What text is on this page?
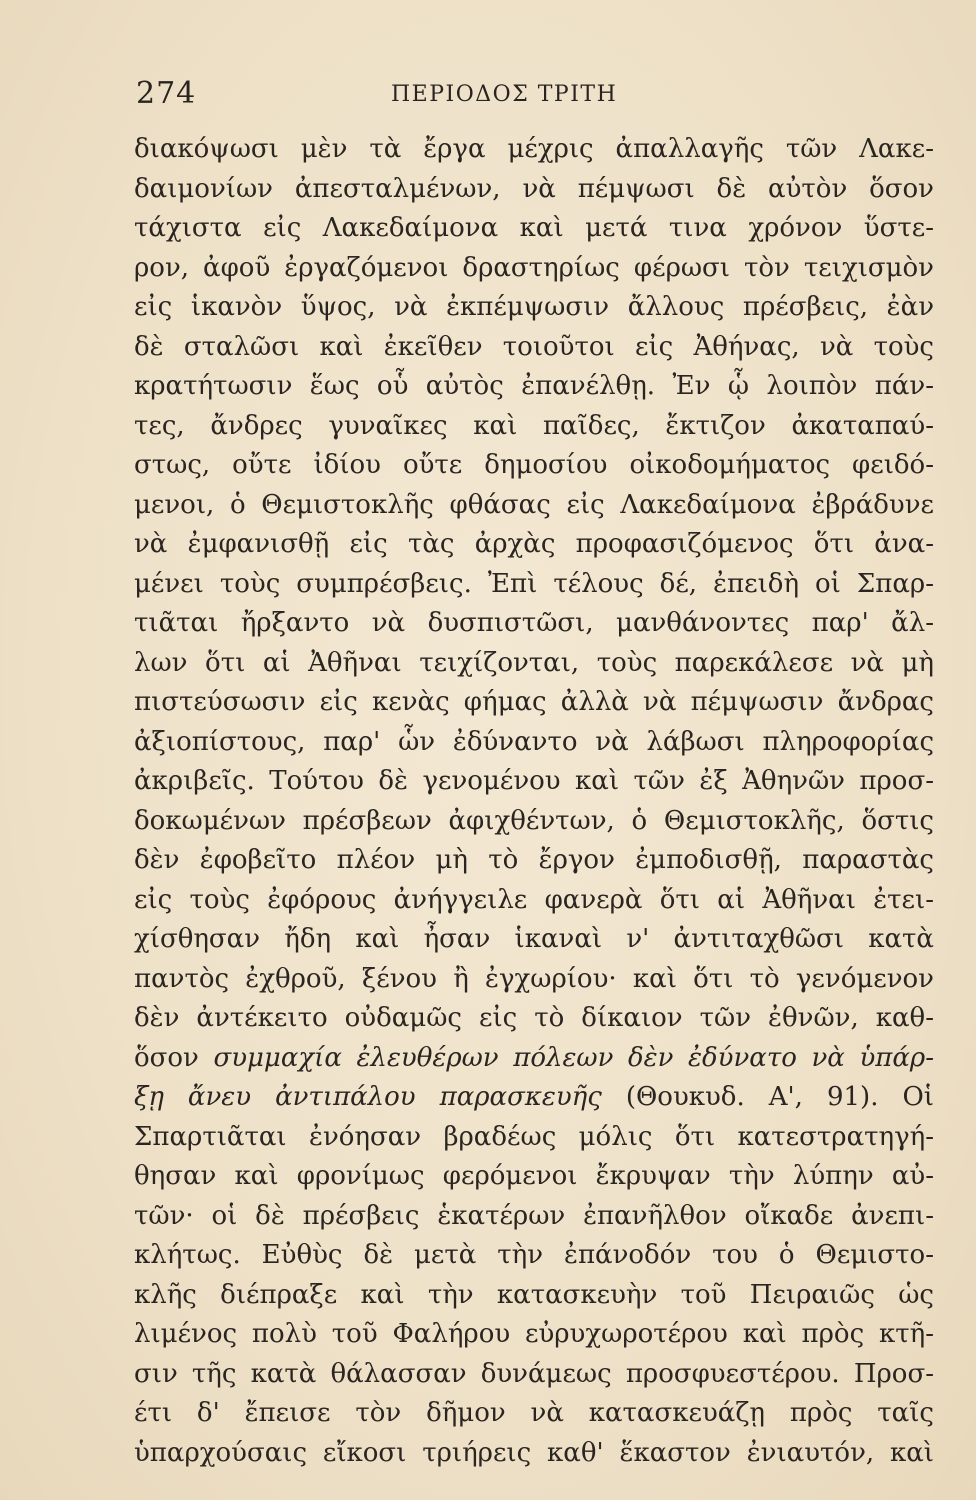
274	ΠΕΡΙΟΔΟΣ ΤΡΙΤΗ
διακόψωσι μὲν τὰ ἔργα μέχρις ἀπαλλαγῆς τῶν Λακε-
δαιμονίων ἀπεσταλμένων, νὰ πέμψωσι δὲ αὐτὸν ὅσον
τάχιστα εἰς Λακεδαίμονα καὶ μετά τινα χρόνον ὕστε-
ρον, ἀφοῦ ἐργαζόμενοι δραστηρίως φέρωσι τὸν τειχισμὸν
εἰς ἱκανὸν ὕψος, νὰ ἐκπέμψωσιν ἄλλους πρέσβεις, ἐὰν
δὲ σταλῶσι καὶ ἐκεῖθεν τοιοῦτοι εἰς Ἀθήνας, νὰ τοὺς
κρατήτωσιν ἕως οὗ αὐτὸς ἐπανέλθῃ. Ἐν ᾧ λοιπὸν πάν-
τες, ἄνδρες γυναῖκες καὶ παῖδες, ἔκτιζον ἀκαταπαύ-
στως, οὔτε ἰδίου οὔτε δημοσίου οἰκοδομήματος φειδό-
μενοι, ὁ Θεμιστοκλῆς φθάσας εἰς Λακεδαίμονα ἐβράδυνε
νὰ ἐμφανισθῇ εἰς τὰς ἀρχὰς προφασιζόμενος ὅτι ἀνα-
μένει τοὺς συμπρέσβεις. Ἐπὶ τέλους δέ, ἐπειδὴ οἱ Σπαρ-
τιᾶται ἤρξαντο νὰ δυσπιστῶσι, μανθάνοντες παρ' ἄλ-
λων ὅτι αἱ Ἀθῆναι τειχίζονται, τοὺς παρεκάλεσε νὰ μὴ
πιστεύσωσιν εἰς κενὰς φήμας ἀλλὰ νὰ πέμψωσιν ἄνδρας
ἀξιοπίστους, παρ' ὧν ἐδύναντο νὰ λάβωσι πληροφορίας
ἀκριβεῖς. Τούτου δὲ γενομένου καὶ τῶν ἐξ Ἀθηνῶν προσ-
δοκωμένων πρέσβεων ἀφιχθέντων, ὁ Θεμιστοκλῆς, ὅστις
δὲν ἐφοβεῖτο πλέον μὴ τὸ ἔργον ἐμποδισθῇ, παραστὰς
εἰς τοὺς ἐφόρους ἀνήγγειλε φανερὰ ὅτι αἱ Ἀθῆναι ἐτει-
χίσθησαν ἤδη καὶ ἦσαν ἱκαναὶ ν' ἀντιταχθῶσι κατὰ
παντὸς ἐχθροῦ, ξένου ἢ ἐγχωρίου· καὶ ὅτι τὸ γενόμενον
δὲν ἀντέκειτο οὐδαμῶς εἰς τὸ δίκαιον τῶν ἐθνῶν, καθ-
ὅσον συμμαχία ἐλευθέρων πόλεων δὲν ἐδύνατο νὰ ὑπάρ-
ξῃ ἄνευ ἀντιπάλου παρασκευῆς (Θουκυδ. Α', 91). Οἱ
Σπαρτιᾶται ἐνόησαν βραδέως μόλις ὅτι κατεστρατηγή-
θησαν καὶ φρονίμως φερόμενοι ἔκρυψαν τὴν λύπην αὐ-
τῶν· οἱ δὲ πρέσβεις ἑκατέρων ἐπανῆλθον οἴκαδε ἀνεπι-
κλήτως. Εὐθὺς δὲ μετὰ τὴν ἐπάνοδόν του ὁ Θεμιστο-
κλῆς διέπραξε καὶ τὴν κατασκευὴν τοῦ Πειραιῶς ὡς
λιμένος πολὺ τοῦ Φαλήρου εὐρυχωροτέρου καὶ πρὸς κτῆ-
σιν τῆς κατὰ θάλασσαν δυνάμεως προσφυεστέρου. Προσ-
έτι δ' ἔπεισε τὸν δῆμον νὰ κατασκευάζῃ πρὸς ταῖς
ὑπαρχούσαις εἴκοσι τριήρεις καθ' ἕκαστον ἐνιαυτόν, καὶ
